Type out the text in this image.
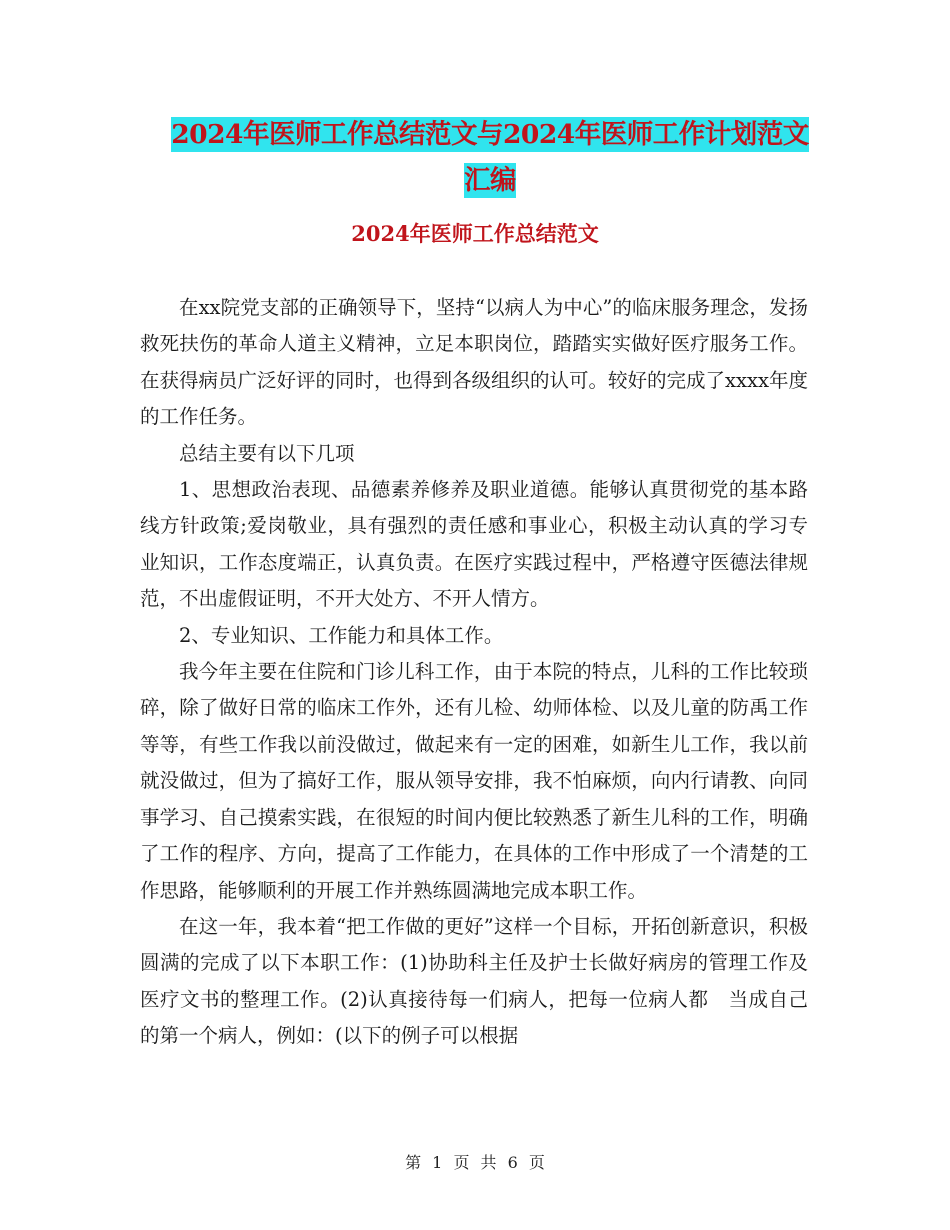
2024年医师工作总结范文与2024年医师工作计划范文
汇编
2024年医师工作总结范文

在xx院党支部的正确领导下，坚持“以病人为中心”的临床服务理念，发扬救死扶伤的革命人道主义精神，立足本职岗位，踏踏实实做好医疗服务工作。在获得病员广泛好评的同时，也得到各级组织的认可。较好的完成了xxxx年度的工作任务。

总结主要有以下几项

1、思想政治表现、品德素养修养及职业道德。能够认真贯彻党的基本路线方针政策;爱岗敬业，具有强烈的责任感和事业心，积极主动认真的学习专业知识，工作态度端正，认真负责。在医疗实践过程中，严格遵守医德法律规范，不出虚假证明，不开大处方、不开人情方。

2、专业知识、工作能力和具体工作。

我今年主要在住院和门诊儿科工作，由于本院的特点，儿科的工作比较琐碎，除了做好日常的临床工作外，还有儿检、幼师体检、以及儿童的防禹工作等等，有些工作我以前没做过，做起来有一定的困难，如新生儿工作，我以前就没做过，但为了搞好工作，服从领导安排，我不怕麻烦，向内行请教、向同事学习、自己摸索实践，在很短的时间内便比较熟悉了新生儿科的工作，明确了工作的程序、方向，提高了工作能力，在具体的工作中形成了一个清楚的工作思路，能够顺利的开展工作并熟练圆满地完成本职工作。

在这一年，我本着“把工作做的更好”这样一个目标，开拓创新意识，积极圆满的完成了以下本职工作：(1)协助科主任及护士长做好病房的管理工作及医疗文书的整理工作。(2)认真接待每一们病人，把每一位病人都　当成自己的第一个病人，例如：(以下的例子可以根据

第 1 页 共 6 页
